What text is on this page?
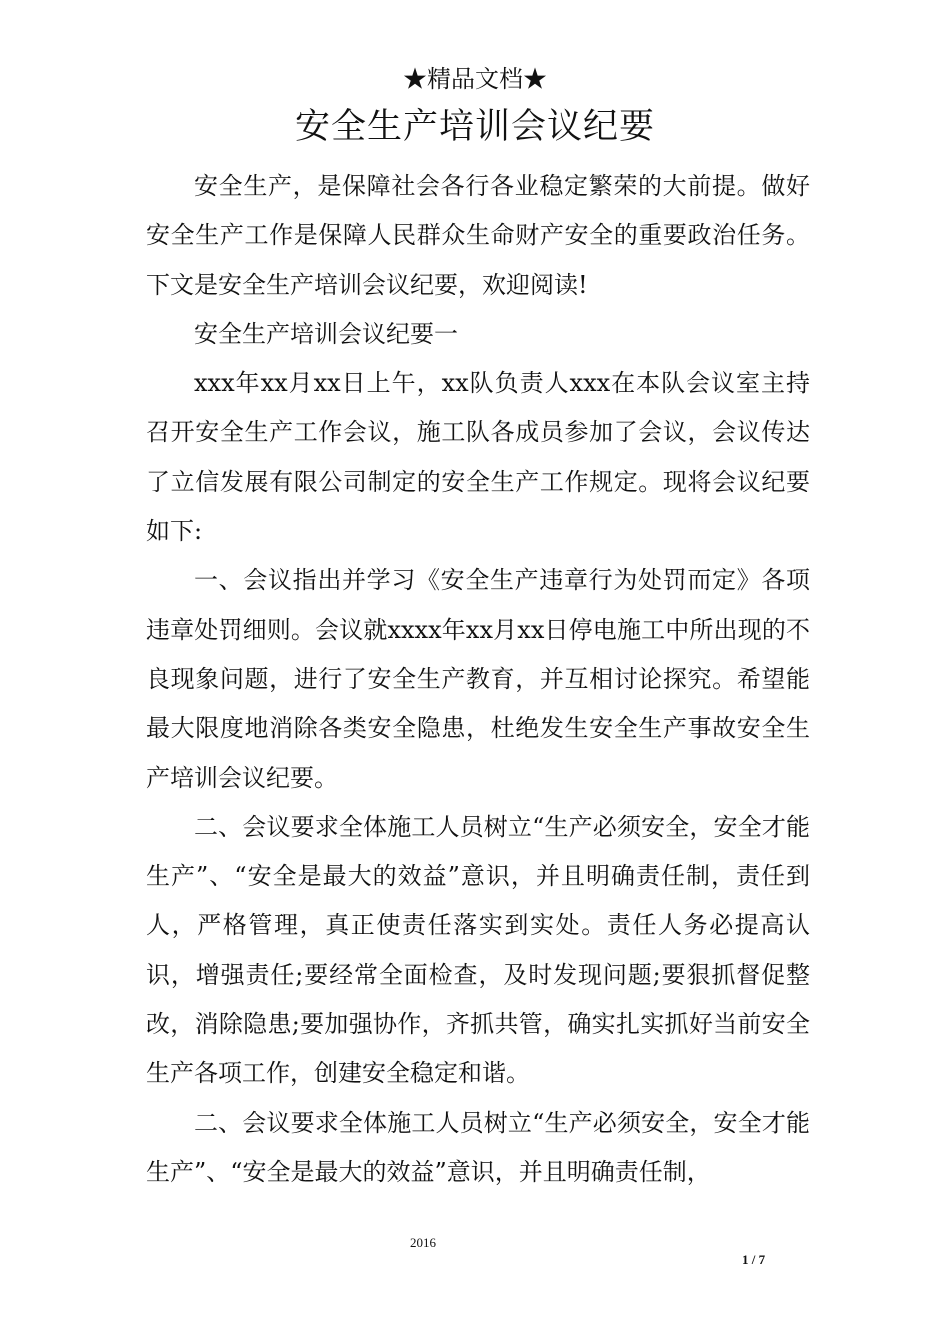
★精品文档★
安全生产培训会议纪要

安全生产，是保障社会各行各业稳定繁荣的大前提。做好安全生产工作是保障人民群众生命财产安全的重要政治任务。下文是安全生产培训会议纪要，欢迎阅读!

安全生产培训会议纪要一

xxx年xx月xx日上午，xx队负责人xxx在本队会议室主持召开安全生产工作会议，施工队各成员参加了会议，会议传达了立信发展有限公司制定的安全生产工作规定。现将会议纪要如下:

一、会议指出并学习《安全生产违章行为处罚而定》各项违章处罚细则。会议就xxxx年xx月xx日停电施工中所出现的不良现象问题，进行了安全生产教育，并互相讨论探究。希望能最大限度地消除各类安全隐患，杜绝发生安全生产事故安全生产培训会议纪要。

二、会议要求全体施工人员树立“生产必须安全，安全才能生产”、“安全是最大的效益”意识，并且明确责任制，责任到人，严格管理，真正使责任落实到实处。责任人务必提高认识，增强责任;要经常全面检查，及时发现问题;要狠抓督促整改，消除隐患;要加强协作，齐抓共管，确实扎实抓好当前安全生产各项工作，创建安全稳定和谐。

二、会议要求全体施工人员树立“生产必须安全，安全才能生产”、“安全是最大的效益”意识，并且明确责任制，

2016
1 / 7
